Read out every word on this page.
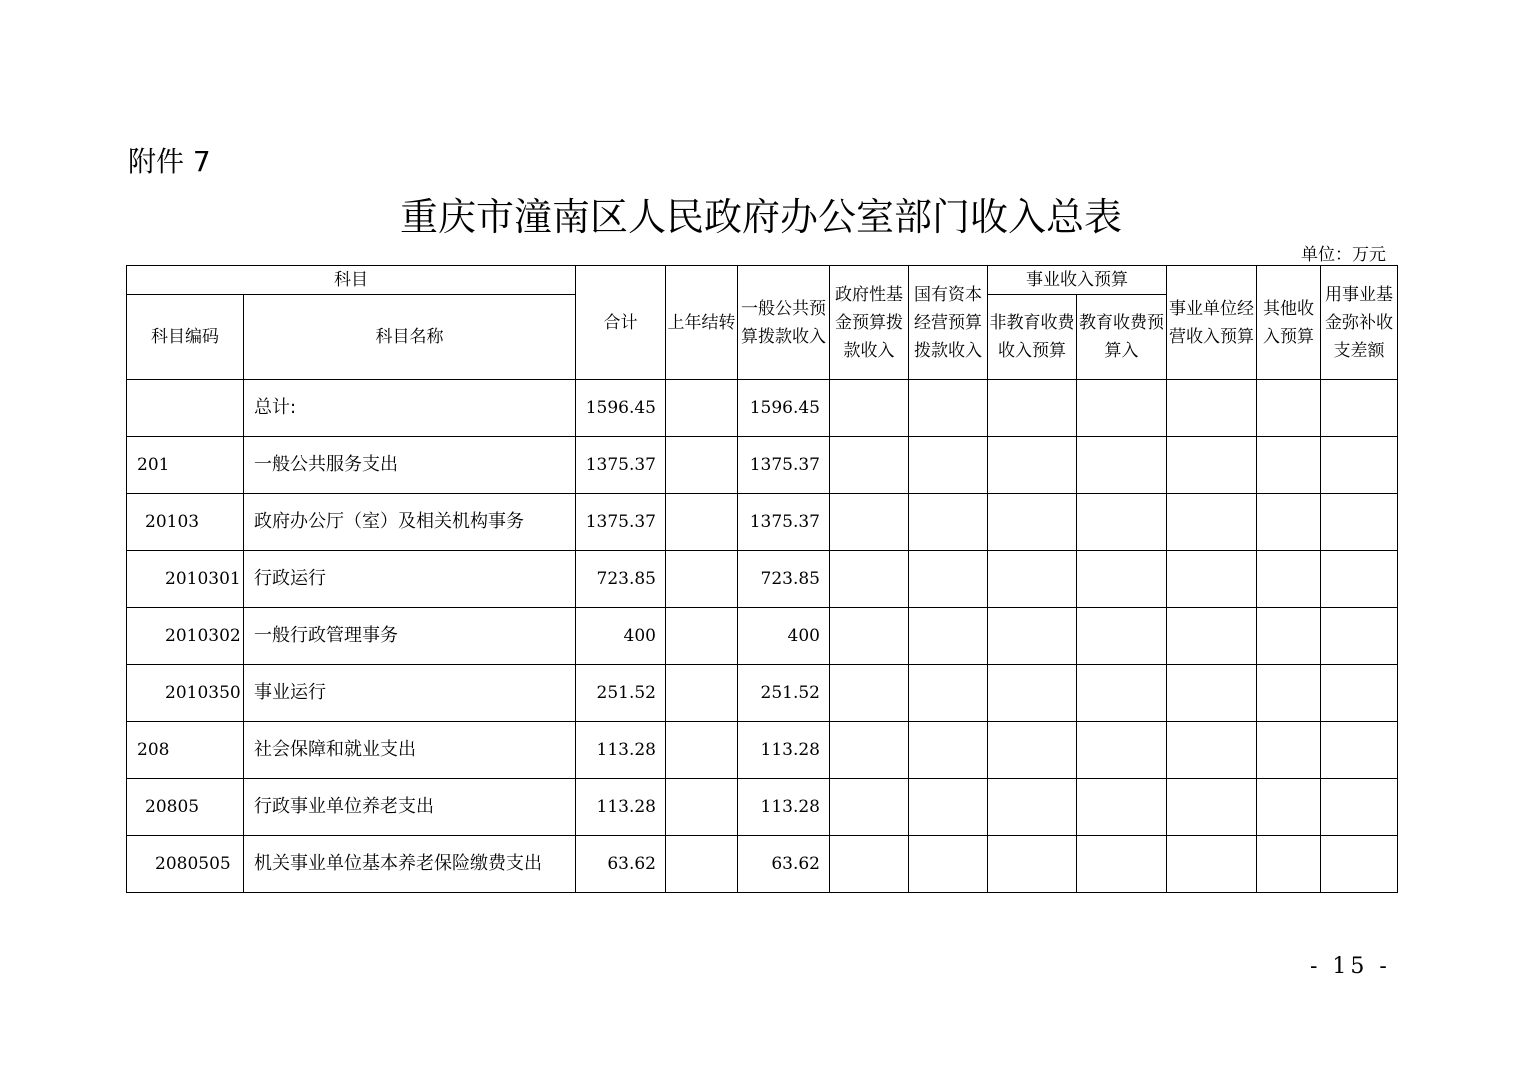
附件 7
重庆市潼南区人民政府办公室部门收入总表
单位：万元
科目		合计	上年结转	一般公共预算拨款收入	政府性基金预算拨款收入	国有资本经营预算拨款收入	事业收入预算		事业单位经营收入预算	其他收入预算	用事业基金弥补收支差额
科目编码	科目名称						非教育收费收入预算	教育收费预算入			
	总计:	1596.45		1596.45							
201	一般公共服务支出	1375.37		1375.37							
20103	政府办公厅（室）及相关机构事务	1375.37		1375.37							
2010301	行政运行	723.85		723.85							
2010302	一般行政管理事务	400		400							
2010350	事业运行	251.52		251.52							
208	社会保障和就业支出	113.28		113.28							
20805	行政事业单位养老支出	113.28		113.28							
2080505	机关事业单位基本养老保险缴费支出	63.62		63.62							
- 15 -
